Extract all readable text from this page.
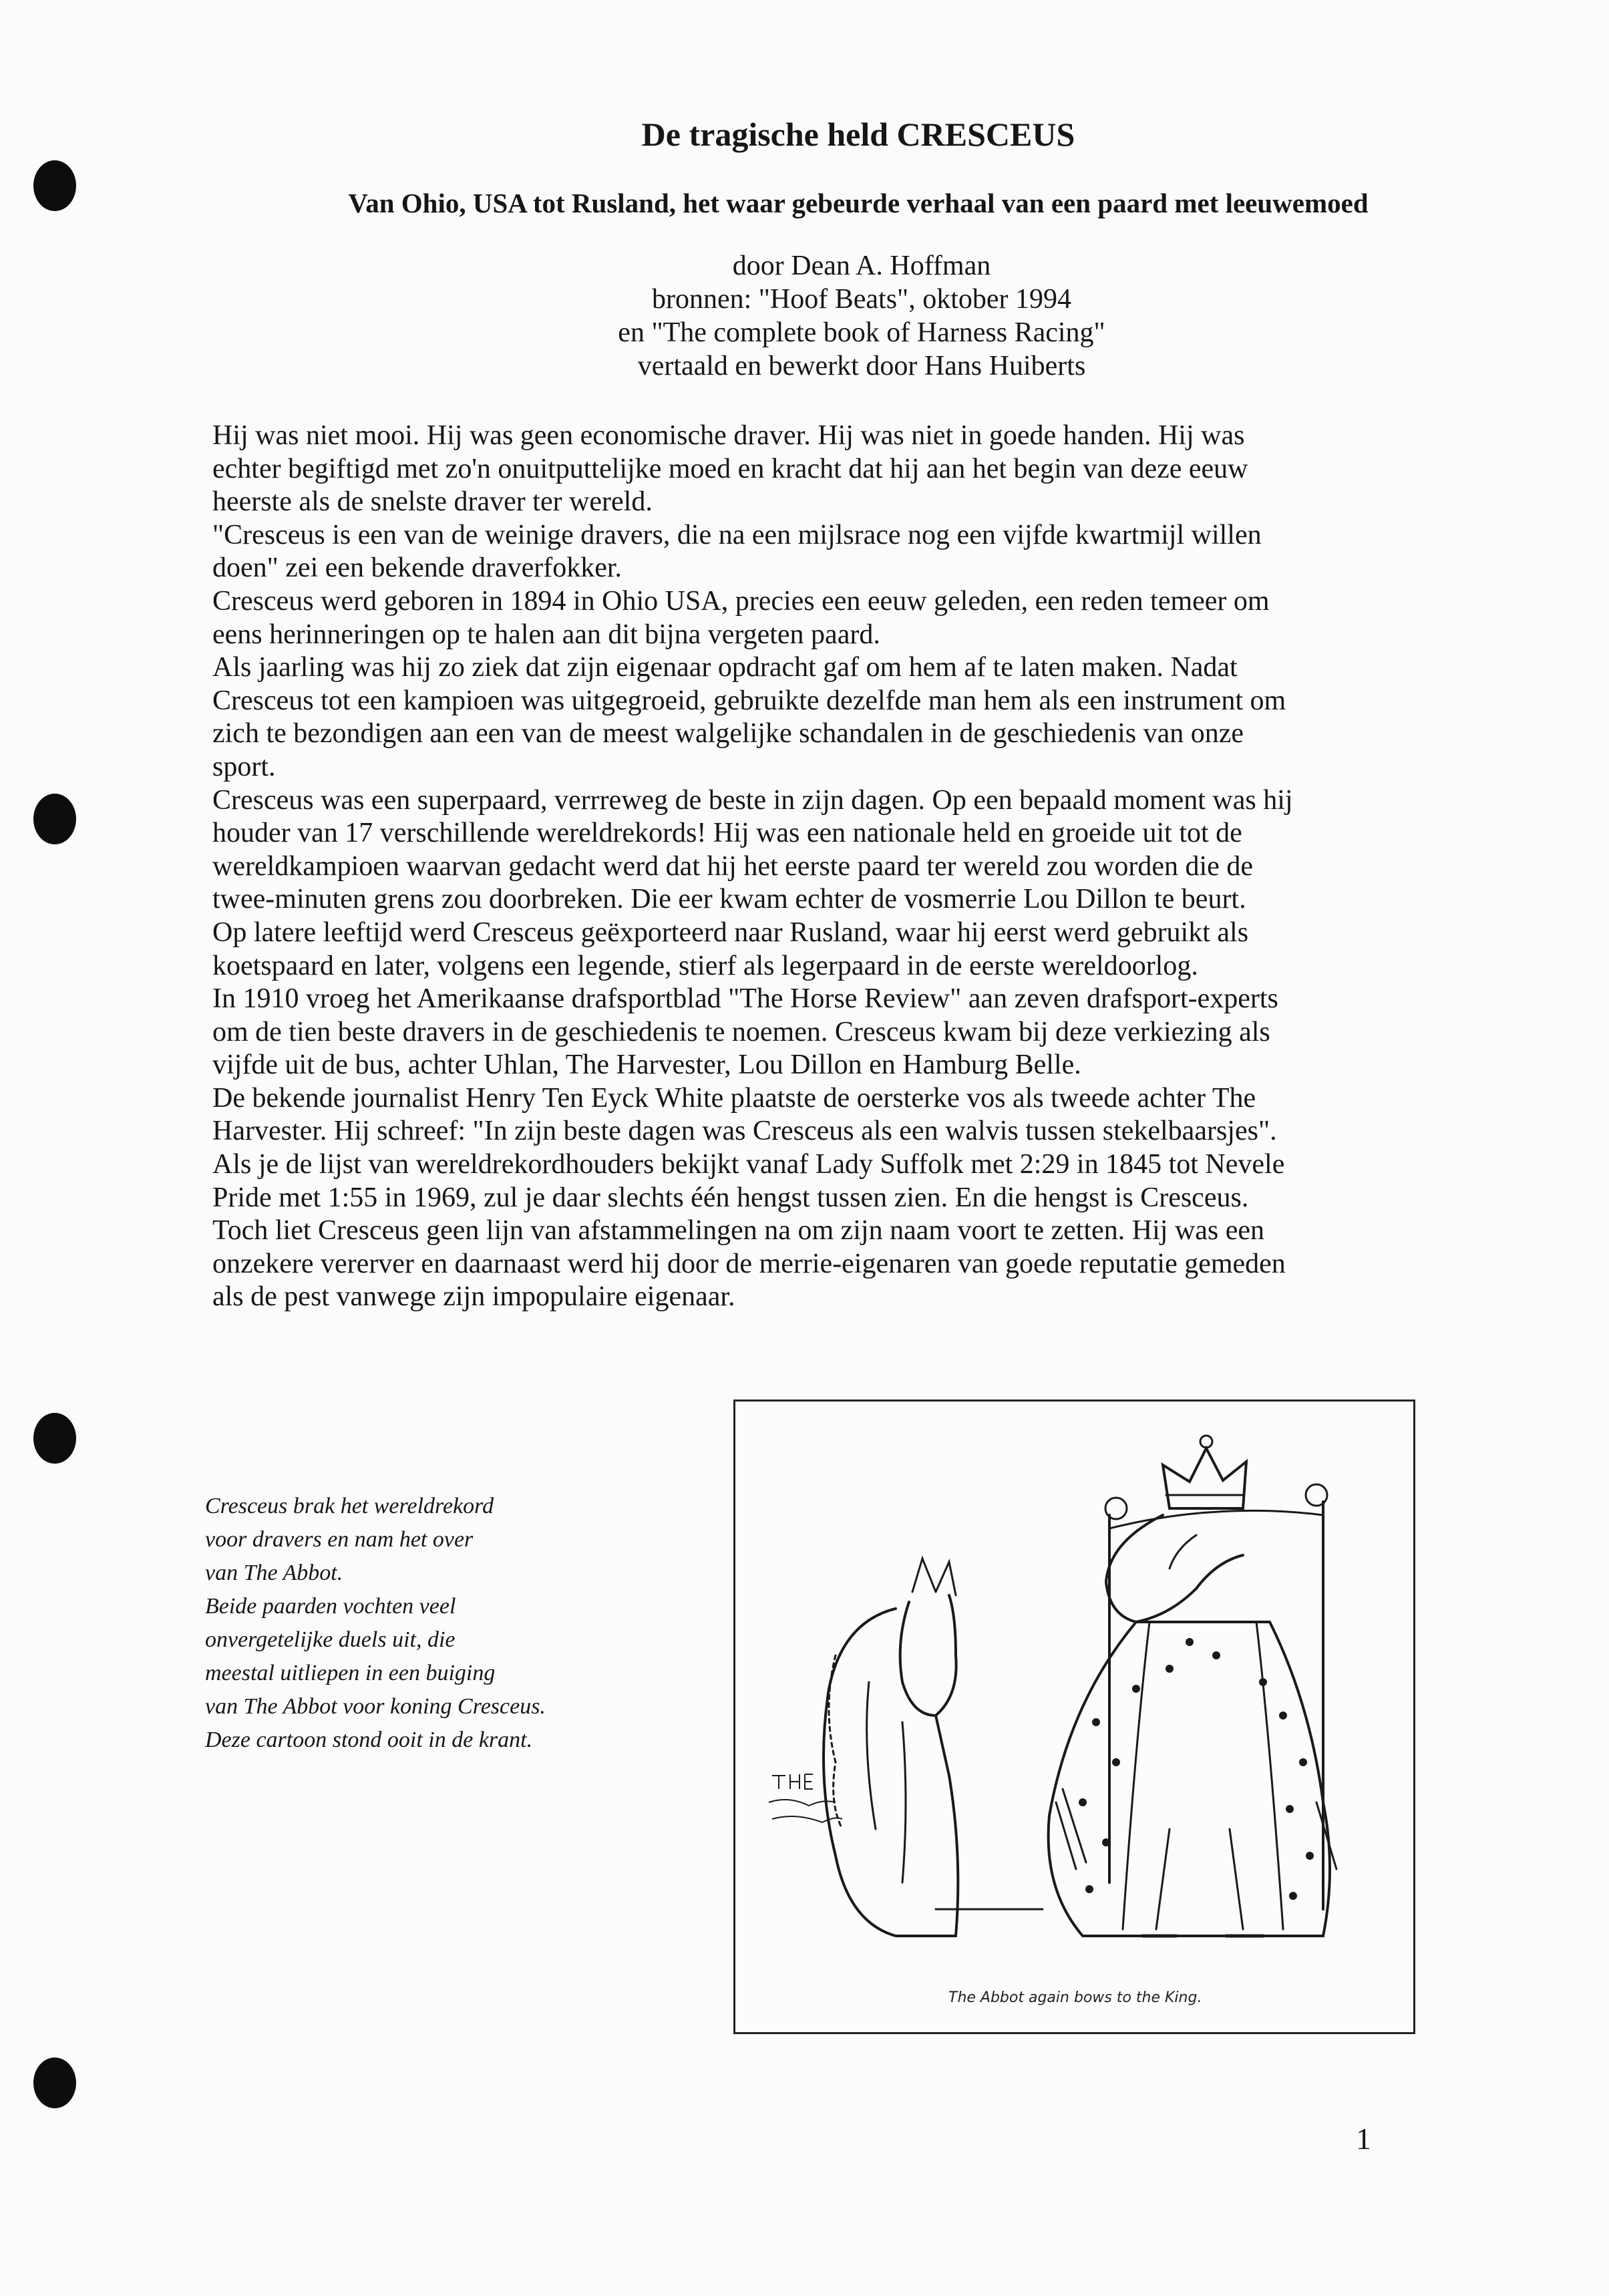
De tragische held CRESCEUS
Van Ohio, USA tot Rusland, het waar gebeurde verhaal van een paard met leeuwemoed
door Dean A. Hoffman
bronnen: "Hoof Beats", oktober 1994
en "The complete book of Harness Racing"
vertaald en bewerkt door Hans Huiberts
Hij was niet mooi. Hij was geen economische draver. Hij was niet in goede handen. Hij was
echter begiftigd met zo'n onuitputtelijke moed en kracht dat hij aan het begin van deze eeuw
heerste als de snelste draver ter wereld.
"Cresceus is een van de weinige dravers, die na een mijlsrace nog een vijfde kwartmijl willen
doen" zei een bekende draverfokker.
Cresceus werd geboren in 1894 in Ohio USA, precies een eeuw geleden, een reden temeer om
eens herinneringen op te halen aan dit bijna vergeten paard.
Als jaarling was hij zo ziek dat zijn eigenaar opdracht gaf om hem af te laten maken. Nadat
Cresceus tot een kampioen was uitgegroeid, gebruikte dezelfde man hem als een instrument om
zich te bezondigen aan een van de meest walgelijke schandalen in de geschiedenis van onze
sport.
Cresceus was een superpaard, verrreweg de beste in zijn dagen. Op een bepaald moment was hij
houder van 17 verschillende wereldrekords! Hij was een nationale held en groeide uit tot de
wereldkampioen waarvan gedacht werd dat hij het eerste paard ter wereld zou worden die de
twee-minuten grens zou doorbreken. Die eer kwam echter de vosmerrie Lou Dillon te beurt.
Op latere leeftijd werd Cresceus geëxporteerd naar Rusland, waar hij eerst werd gebruikt als
koetspaard en later, volgens een legende, stierf als legerpaard in de eerste wereldoorlog.
In 1910 vroeg het Amerikaanse drafsportblad "The Horse Review" aan zeven drafsport-experts
om de tien beste dravers in de geschiedenis te noemen. Cresceus kwam bij deze verkiezing als
vijfde uit de bus, achter Uhlan, The Harvester, Lou Dillon en Hamburg Belle.
De bekende journalist Henry Ten Eyck White plaatste de oersterke vos als tweede achter The
Harvester. Hij schreef: "In zijn beste dagen was Cresceus als een walvis tussen stekelbaarsjes".
Als je de lijst van wereldrekordhouders bekijkt vanaf Lady Suffolk met 2:29 in 1845 tot Nevele
Pride met 1:55 in 1969, zul je daar slechts één hengst tussen zien. En die hengst is Cresceus.
Toch liet Cresceus geen lijn van afstammelingen na om zijn naam voort te zetten. Hij was een
onzekere vererver en daarnaast werd hij door de merrie-eigenaren van goede reputatie gemeden
als de pest vanwege zijn impopulaire eigenaar.
Cresceus brak het wereldrekord
voor dravers en nam het over
van The Abbot.
Beide paarden vochten veel
onvergetelijke duels uit, die
meestal uitliepen in een buiging
van The Abbot voor koning Cresceus.
Deze cartoon stond ooit in de krant.
The Abbot again bows to the King.
1
